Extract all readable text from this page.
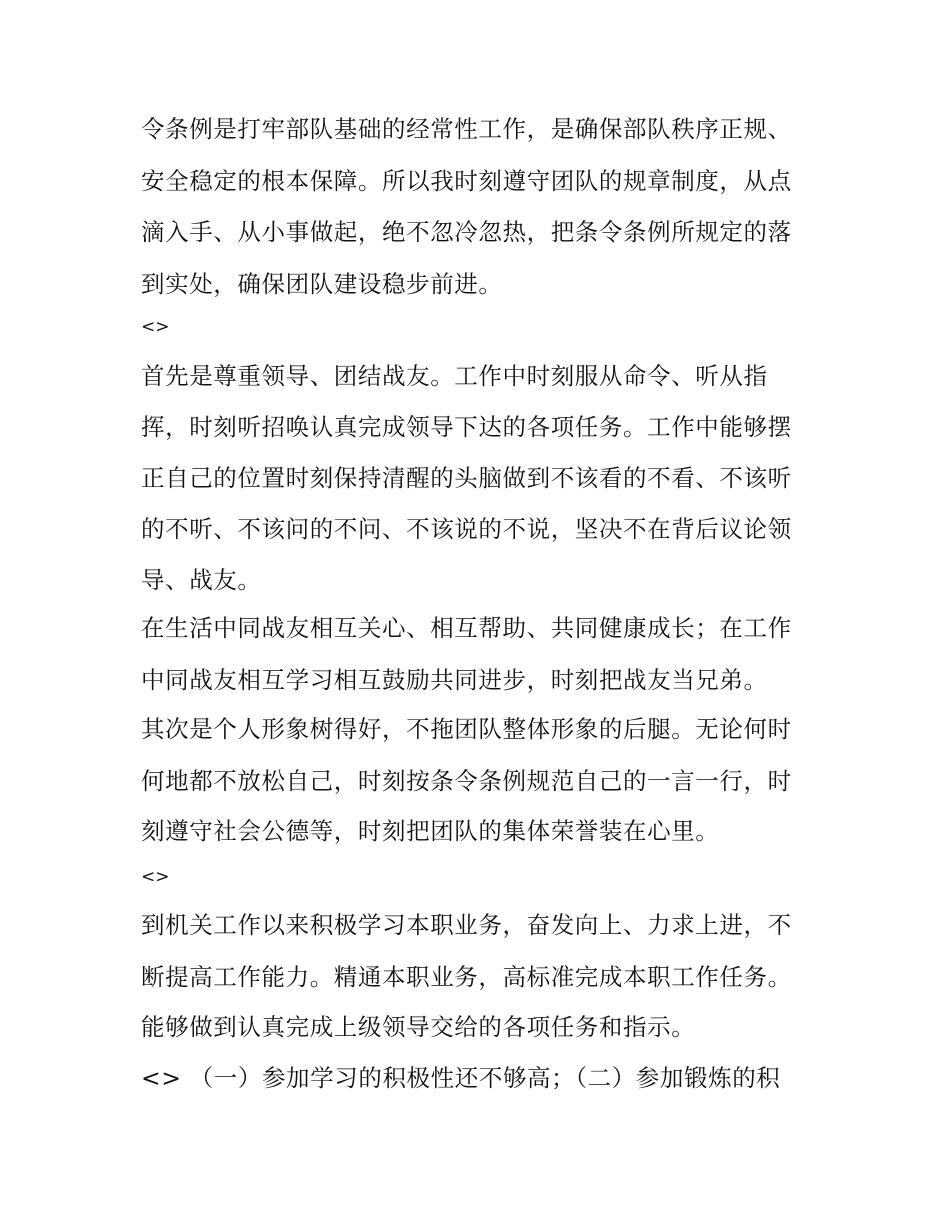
令条例是打牢部队基础的经常性工作，是确保部队秩序正规、
安全稳定的根本保障。所以我时刻遵守团队的规章制度，从点
滴入手、从小事做起，绝不忽冷忽热，把条令条例所规定的落
到实处，确保团队建设稳步前进。
<>
首先是尊重领导、团结战友。工作中时刻服从命令、听从指
挥，时刻听招唤认真完成领导下达的各项任务。工作中能够摆
正自己的位置时刻保持清醒的头脑做到不该看的不看、不该听
的不听、不该问的不问、不该说的不说，坚决不在背后议论领
导、战友。
在生活中同战友相互关心、相互帮助、共同健康成长；在工作
中同战友相互学习相互鼓励共同进步，时刻把战友当兄弟。
其次是个人形象树得好，不拖团队整体形象的后腿。无论何时
何地都不放松自己，时刻按条令条例规范自己的一言一行，时
刻遵守社会公德等，时刻把团队的集体荣誉装在心里。
<>
到机关工作以来积极学习本职业务，奋发向上、力求上进，不
断提高工作能力。精通本职业务，高标准完成本职工作任务。
能够做到认真完成上级领导交给的各项任务和指示。
<> （一）参加学习的积极性还不够高；（二）参加锻炼的积
